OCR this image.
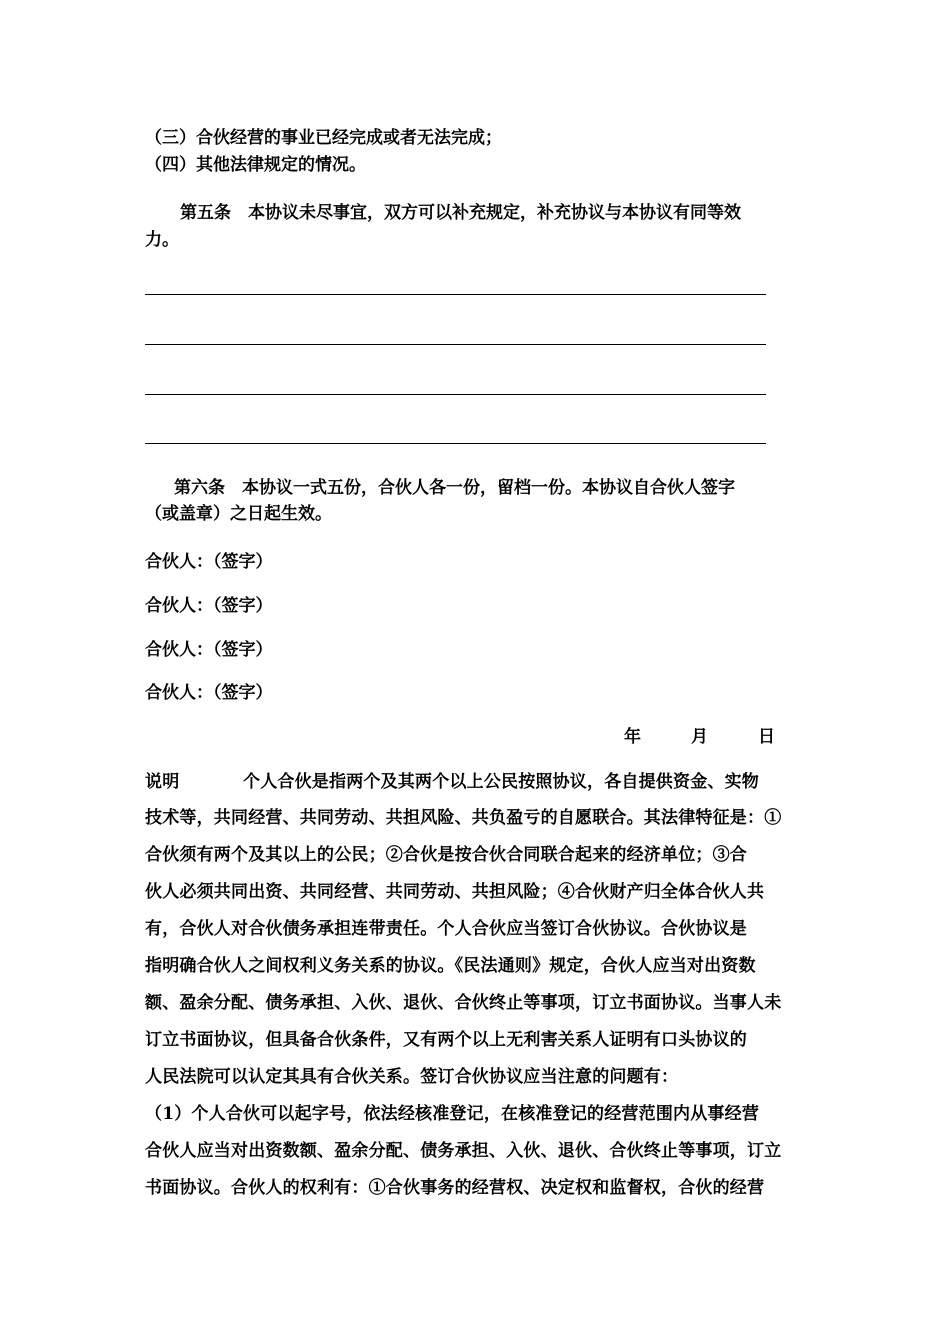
（三）合伙经营的事业已经完成或者无法完成；
（四）其他法律规定的情况。
第五条　本协议未尽事宜，双方可以补充规定，补充协议与本协议有同等效
力。
第六条　本协议一式五份，合伙人各一份，留档一份。本协议自合伙人签字
（或盖章）之日起生效。
合伙人：（签字）
合伙人：（签字）
合伙人：（签字）
合伙人：（签字）
年	月	日
说明	个人合伙是指两个及其两个以上公民按照协议，各自提供资金、实物
技术等，共同经营、共同劳动、共担风险、共负盈亏的自愿联合。其法律特征是：①
合伙须有两个及其以上的公民；②合伙是按合伙合同联合起来的经济单位；③合
伙人必须共同出资、共同经营、共同劳动、共担风险；④合伙财产归全体合伙人共
有，合伙人对合伙债务承担连带责任。个人合伙应当签订合伙协议。合伙协议是
指明确合伙人之间权利义务关系的协议。《民法通则》规定，合伙人应当对出资数
额、盈余分配、债务承担、入伙、退伙、合伙终止等事项，订立书面协议。当事人未
订立书面协议，但具备合伙条件，又有两个以上无利害关系人证明有口头协议的
人民法院可以认定其具有合伙关系。签订合伙协议应当注意的问题有：
（1）个人合伙可以起字号，依法经核准登记，在核准登记的经营范围内从事经营
合伙人应当对出资数额、盈余分配、债务承担、入伙、退伙、合伙终止等事项，订立
书面协议。合伙人的权利有：①合伙事务的经营权、决定权和监督权，合伙的经营
